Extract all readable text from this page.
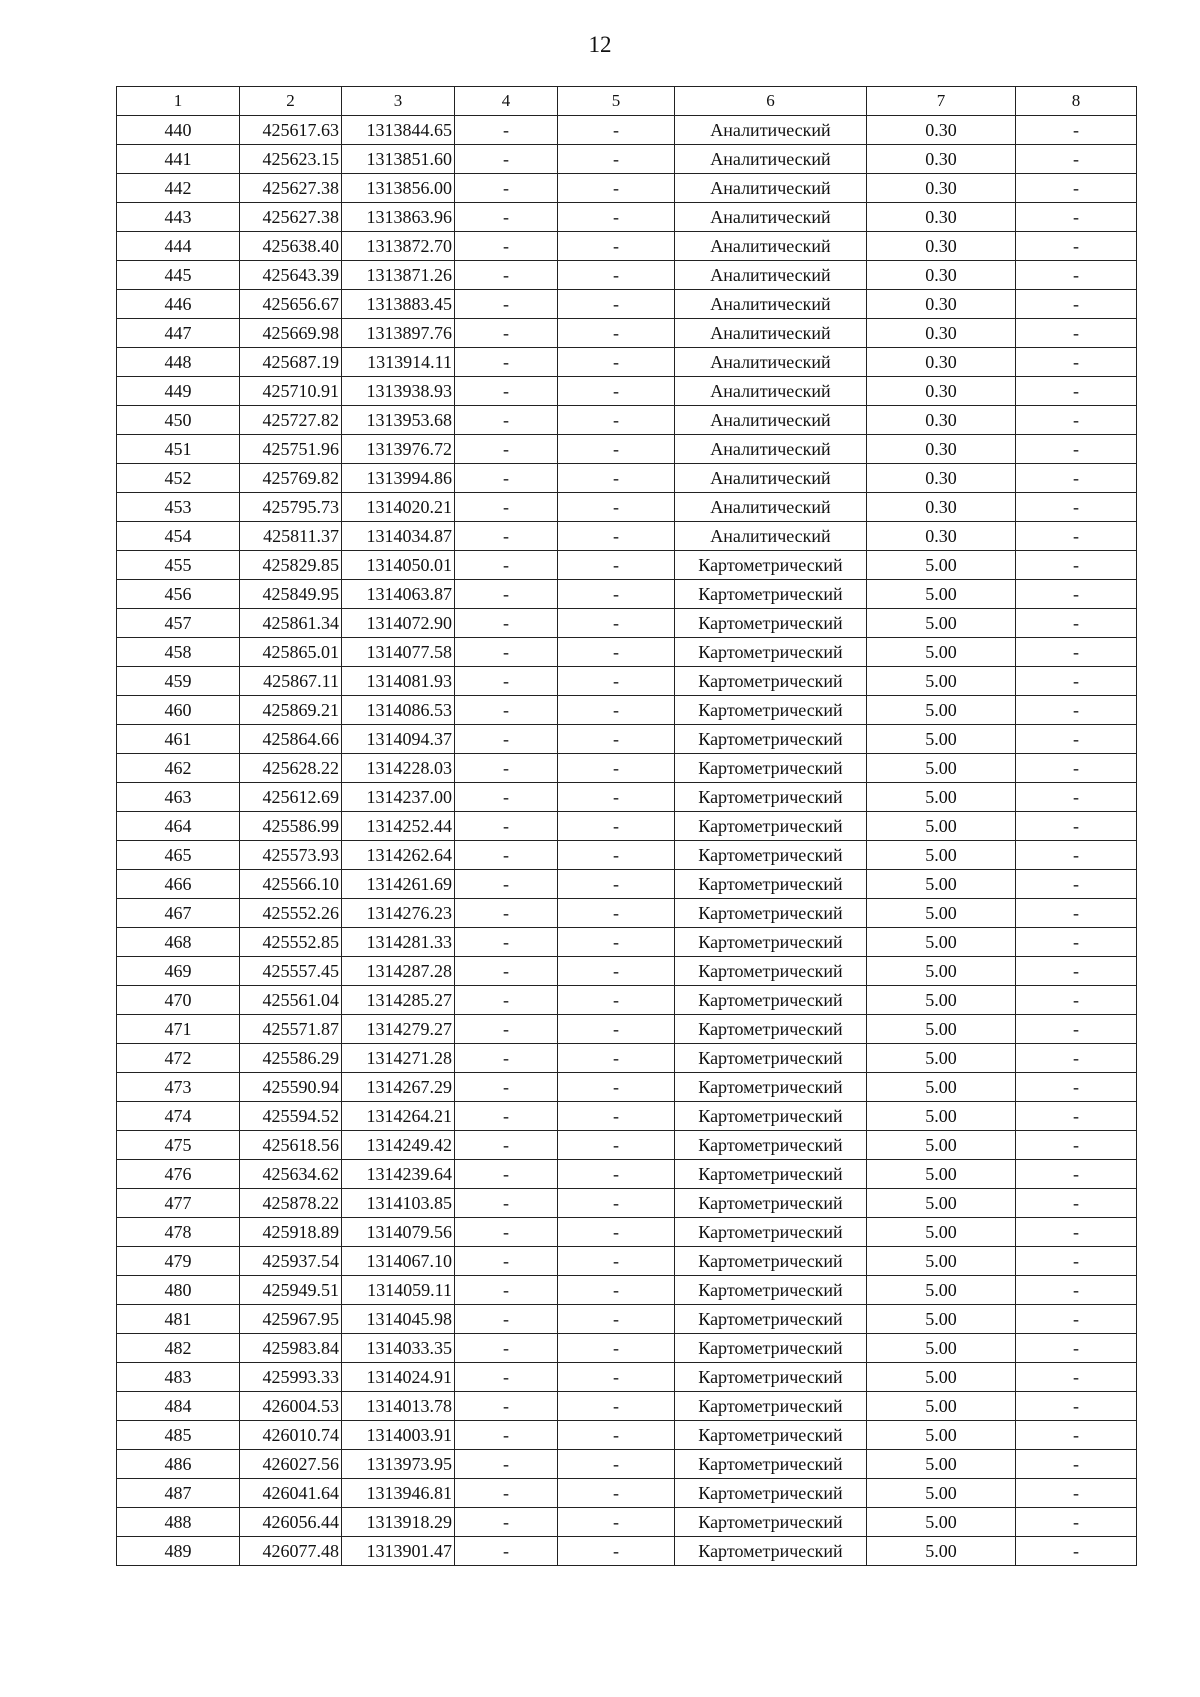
12
1	2	3	4	5	6	7	8
440	425617.63	1313844.65	-	-	Аналитический	0.30	-
441	425623.15	1313851.60	-	-	Аналитический	0.30	-
442	425627.38	1313856.00	-	-	Аналитический	0.30	-
443	425627.38	1313863.96	-	-	Аналитический	0.30	-
444	425638.40	1313872.70	-	-	Аналитический	0.30	-
445	425643.39	1313871.26	-	-	Аналитический	0.30	-
446	425656.67	1313883.45	-	-	Аналитический	0.30	-
447	425669.98	1313897.76	-	-	Аналитический	0.30	-
448	425687.19	1313914.11	-	-	Аналитический	0.30	-
449	425710.91	1313938.93	-	-	Аналитический	0.30	-
450	425727.82	1313953.68	-	-	Аналитический	0.30	-
451	425751.96	1313976.72	-	-	Аналитический	0.30	-
452	425769.82	1313994.86	-	-	Аналитический	0.30	-
453	425795.73	1314020.21	-	-	Аналитический	0.30	-
454	425811.37	1314034.87	-	-	Аналитический	0.30	-
455	425829.85	1314050.01	-	-	Картометрический	5.00	-
456	425849.95	1314063.87	-	-	Картометрический	5.00	-
457	425861.34	1314072.90	-	-	Картометрический	5.00	-
458	425865.01	1314077.58	-	-	Картометрический	5.00	-
459	425867.11	1314081.93	-	-	Картометрический	5.00	-
460	425869.21	1314086.53	-	-	Картометрический	5.00	-
461	425864.66	1314094.37	-	-	Картометрический	5.00	-
462	425628.22	1314228.03	-	-	Картометрический	5.00	-
463	425612.69	1314237.00	-	-	Картометрический	5.00	-
464	425586.99	1314252.44	-	-	Картометрический	5.00	-
465	425573.93	1314262.64	-	-	Картометрический	5.00	-
466	425566.10	1314261.69	-	-	Картометрический	5.00	-
467	425552.26	1314276.23	-	-	Картометрический	5.00	-
468	425552.85	1314281.33	-	-	Картометрический	5.00	-
469	425557.45	1314287.28	-	-	Картометрический	5.00	-
470	425561.04	1314285.27	-	-	Картометрический	5.00	-
471	425571.87	1314279.27	-	-	Картометрический	5.00	-
472	425586.29	1314271.28	-	-	Картометрический	5.00	-
473	425590.94	1314267.29	-	-	Картометрический	5.00	-
474	425594.52	1314264.21	-	-	Картометрический	5.00	-
475	425618.56	1314249.42	-	-	Картометрический	5.00	-
476	425634.62	1314239.64	-	-	Картометрический	5.00	-
477	425878.22	1314103.85	-	-	Картометрический	5.00	-
478	425918.89	1314079.56	-	-	Картометрический	5.00	-
479	425937.54	1314067.10	-	-	Картометрический	5.00	-
480	425949.51	1314059.11	-	-	Картометрический	5.00	-
481	425967.95	1314045.98	-	-	Картометрический	5.00	-
482	425983.84	1314033.35	-	-	Картометрический	5.00	-
483	425993.33	1314024.91	-	-	Картометрический	5.00	-
484	426004.53	1314013.78	-	-	Картометрический	5.00	-
485	426010.74	1314003.91	-	-	Картометрический	5.00	-
486	426027.56	1313973.95	-	-	Картометрический	5.00	-
487	426041.64	1313946.81	-	-	Картометрический	5.00	-
488	426056.44	1313918.29	-	-	Картометрический	5.00	-
489	426077.48	1313901.47	-	-	Картометрический	5.00	-
